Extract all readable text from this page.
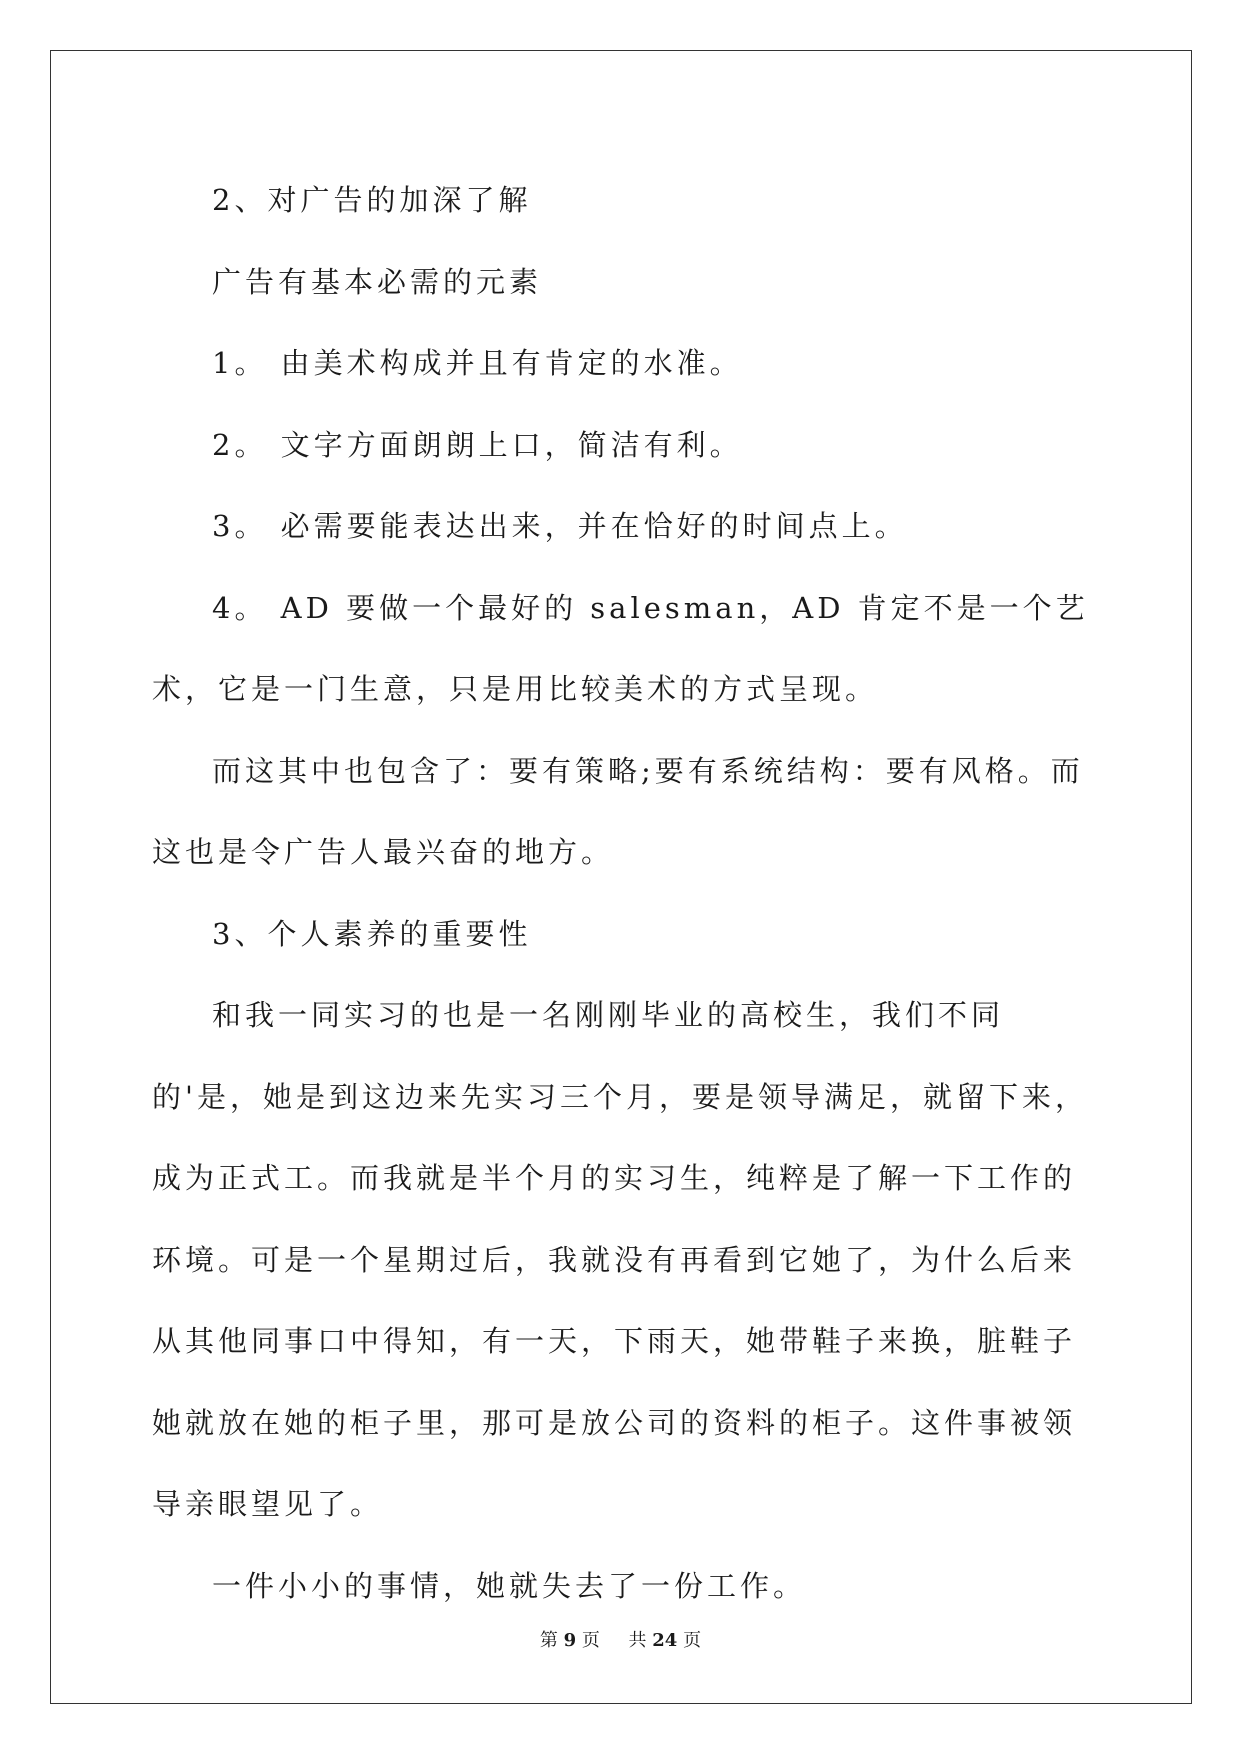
2、对广告的加深了解

广告有基本必需的元素

1。 由美术构成并且有肯定的水准。

2。 文字方面朗朗上口，简洁有利。

3。 必需要能表达出来，并在恰好的时间点上。

4。 AD 要做一个最好的 salesman，AD 肯定不是一个艺术，它是一门生意，只是用比较美术的方式呈现。

而这其中也包含了：要有策略;要有系统结构：要有风格。而这也是令广告人最兴奋的地方。

3、个人素养的重要性

和我一同实习的也是一名刚刚毕业的高校生，我们不同的'是，她是到这边来先实习三个月，要是领导满足，就留下来，成为正式工。而我就是半个月的实习生，纯粹是了解一下工作的环境。可是一个星期过后，我就没有再看到它她了，为什么后来从其他同事口中得知，有一天，下雨天，她带鞋子来换，脏鞋子她就放在她的柜子里，那可是放公司的资料的柜子。这件事被领导亲眼望见了。

一件小小的事情，她就失去了一份工作。

第 9 页 共 24 页
